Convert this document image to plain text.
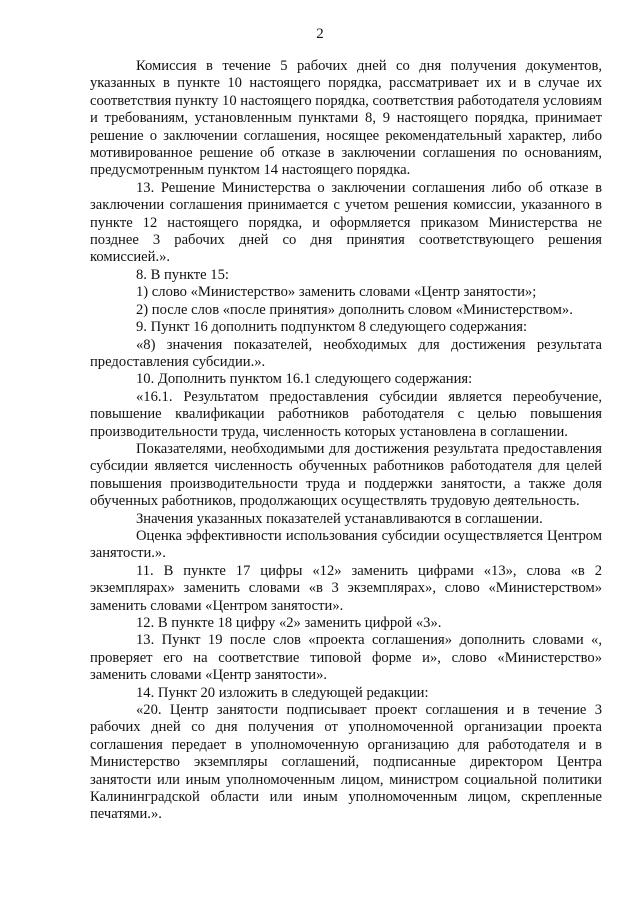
2

Комиссия в течение 5 рабочих дней со дня получения документов, указанных в пункте 10 настоящего порядка, рассматривает их и в случае их соответствия пункту 10 настоящего порядка, соответствия работодателя условиям и требованиям, установленным пунктами 8, 9 настоящего порядка, принимает решение о заключении соглашения, носящее рекомендательный характер, либо мотивированное решение об отказе в заключении соглашения по основаниям, предусмотренным пунктом 14 настоящего порядка.

13. Решение Министерства о заключении соглашения либо об отказе в заключении соглашения принимается с учетом решения комиссии, указанного в пункте 12 настоящего порядка, и оформляется приказом Министерства не позднее 3 рабочих дней со дня принятия соответствующего решения комиссией.».

8. В пункте 15:

1) слово «Министерство» заменить словами «Центр занятости»;

2) после слов «после принятия» дополнить словом «Министерством».

9. Пункт 16 дополнить подпунктом 8 следующего содержания:

«8) значения показателей, необходимых для достижения результата предоставления субсидии.».

10. Дополнить пунктом 16.1 следующего содержания:

«16.1. Результатом предоставления субсидии является переобучение, повышение квалификации работников работодателя с целью повышения производительности труда, численность которых установлена в соглашении.

Показателями, необходимыми для достижения результата предоставления субсидии является численность обученных работников работодателя для целей повышения производительности труда и поддержки занятости, а также доля обученных работников, продолжающих осуществлять трудовую деятельность.

Значения указанных показателей устанавливаются в соглашении.

Оценка эффективности использования субсидии осуществляется Центром занятости.».

11. В пункте 17 цифры «12» заменить цифрами «13», слова «в 2 экземплярах» заменить словами «в 3 экземплярах», слово «Министерством» заменить словами «Центром занятости».

12. В пункте 18 цифру «2» заменить цифрой «3».

13. Пункт 19 после слов «проекта соглашения» дополнить словами «, проверяет его на соответствие типовой форме и», слово «Министерство» заменить словами «Центр занятости».

14. Пункт 20 изложить в следующей редакции:

«20. Центр занятости подписывает проект соглашения и в течение 3 рабочих дней со дня получения от уполномоченной организации проекта соглашения передает в уполномоченную организацию для работодателя и в Министерство экземпляры соглашений, подписанные директором Центра занятости или иным уполномоченным лицом, министром социальной политики Калининградской области или иным уполномоченным лицом, скрепленные печатями.».
